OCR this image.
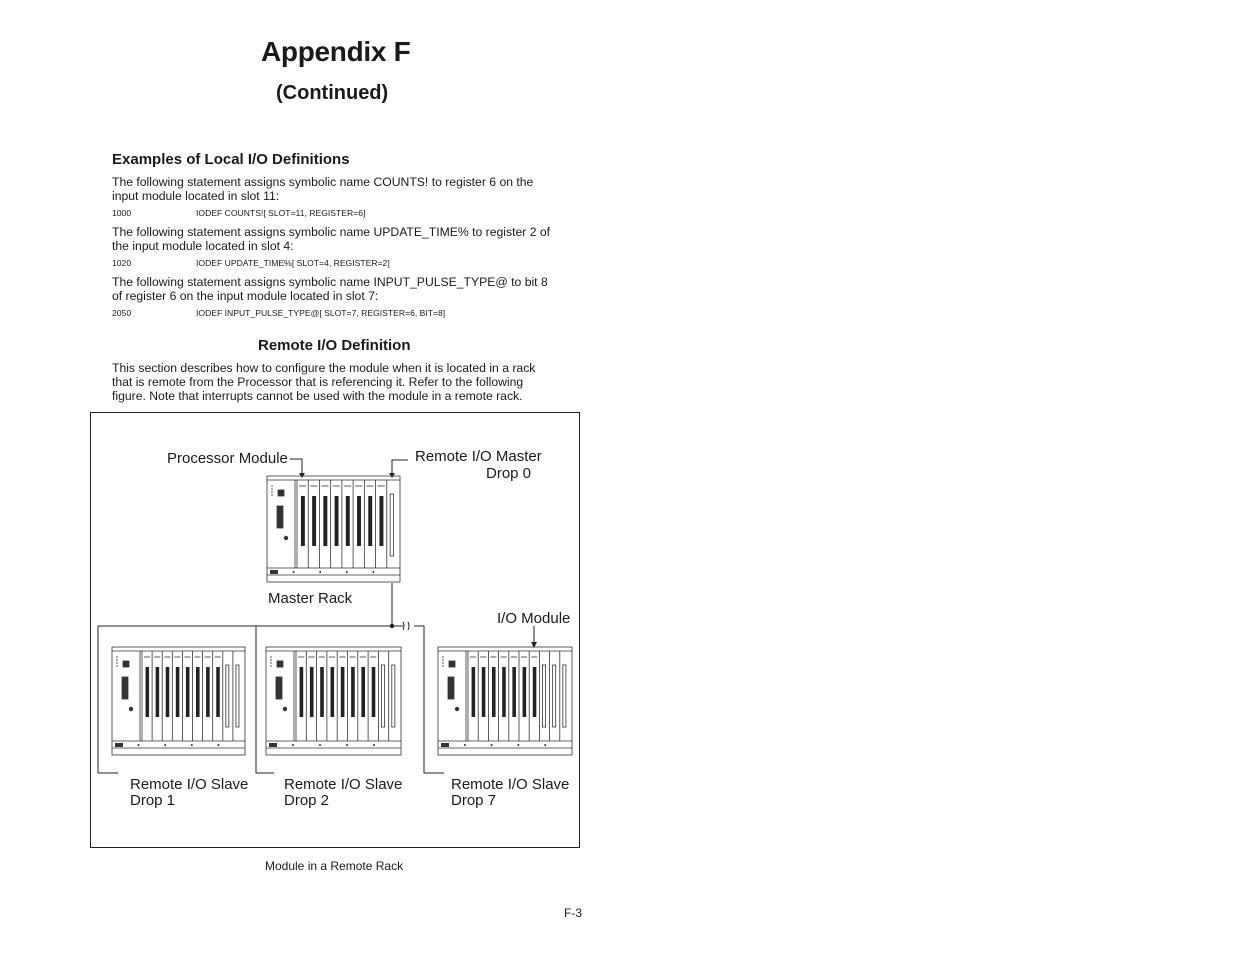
Appendix F
(Continued)
Examples of Local I/O Definitions
The following statement assigns symbolic name COUNTS! to register 6 on the
input module located in slot 11:
1000	IODEF COUNTS![ SLOT=11, REGISTER=6]
The following statement assigns symbolic name UPDATE_TIME% to register 2 of
the input module located in slot 4:
1020	IODEF UPDATE_TIME%[ SLOT=4, REGISTER=2]
The following statement assigns symbolic name INPUT_PULSE_TYPE@ to bit 8
of register 6 on the input module located in slot 7:
2050	IODEF INPUT_PULSE_TYPE@[ SLOT=7, REGISTER=6, BIT=8]
Remote I/O Definition
This section describes how to configure the module when it is located in a rack
that is remote from the Processor that is referencing it. Refer to the following
figure. Note that interrupts cannot be used with the module in a remote rack.
Processor Module	Remote I/O Master
Drop 0
Master Rack
I/O Module
Remote I/O Slave
Drop 1
Remote I/O Slave
Drop 2
Remote I/O Slave
Drop 7
Module in a Remote Rack
F-3
